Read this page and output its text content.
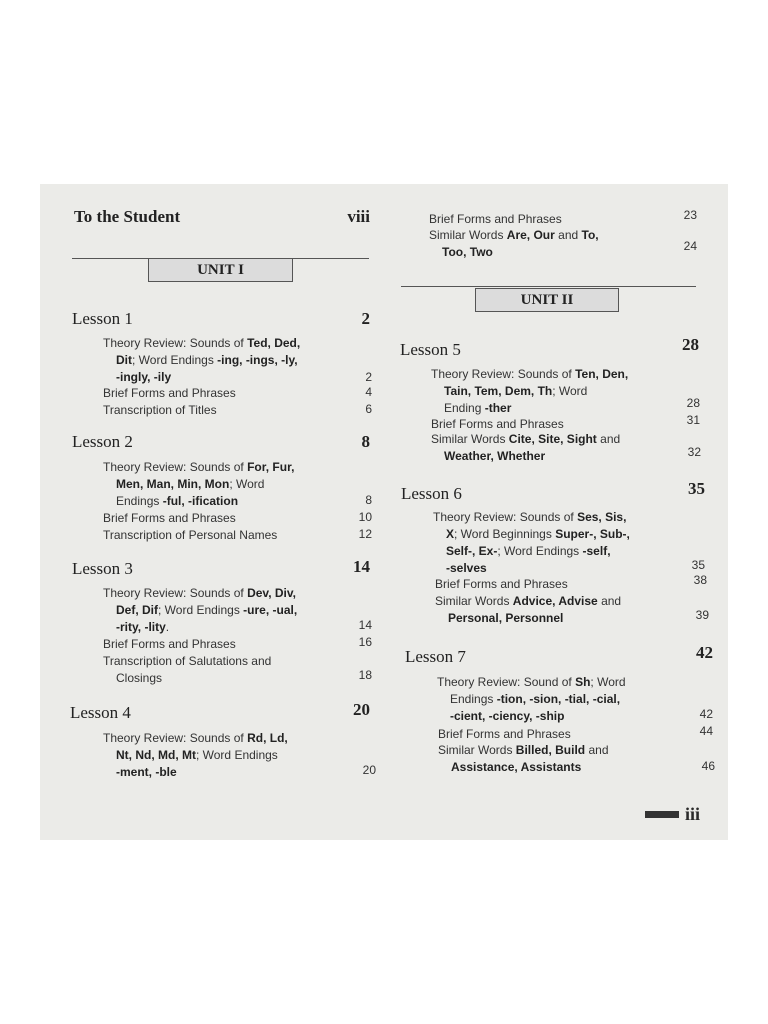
To the Student	viii
UNIT I
Lesson 1	2
Theory Review: Sounds of Ted, Ded,
Dit; Word Endings -ing, -ings, -ly,
-ingly, -ily	2
Brief Forms and Phrases	4
Transcription of Titles	6
Lesson 2	8
Theory Review: Sounds of For, Fur,
Men, Man, Min, Mon; Word
Endings -ful, -ification	8
Brief Forms and Phrases	10
Transcription of Personal Names	12
Lesson 3	14
Theory Review: Sounds of Dev, Div,
Def, Dif; Word Endings -ure, -ual,
-rity, -lity.	14
Brief Forms and Phrases	16
Transcription of Salutations and
Closings	18
Lesson 4	20
Theory Review: Sounds of Rd, Ld,
Nt, Nd, Md, Mt; Word Endings
-ment, -ble	20
Brief Forms and Phrases	23
Similar Words Are, Our and To,
Too, Two	24
UNIT II
Lesson 5	28
Theory Review: Sounds of Ten, Den,
Tain, Tem, Dem, Th; Word
Ending -ther	28
Brief Forms and Phrases	31
Similar Words Cite, Site, Sight and
Weather, Whether	32
Lesson 6	35
Theory Review: Sounds of Ses, Sis,
X; Word Beginnings Super-, Sub-,
Self-, Ex-; Word Endings -self,
-selves	35
Brief Forms and Phrases	38
Similar Words Advice, Advise and
Personal, Personnel	39
Lesson 7	42
Theory Review: Sound of Sh; Word
Endings -tion, -sion, -tial, -cial,
-cient, -ciency, -ship	42
Brief Forms and Phrases	44
Similar Words Billed, Build and
Assistance, Assistants	46
iii
